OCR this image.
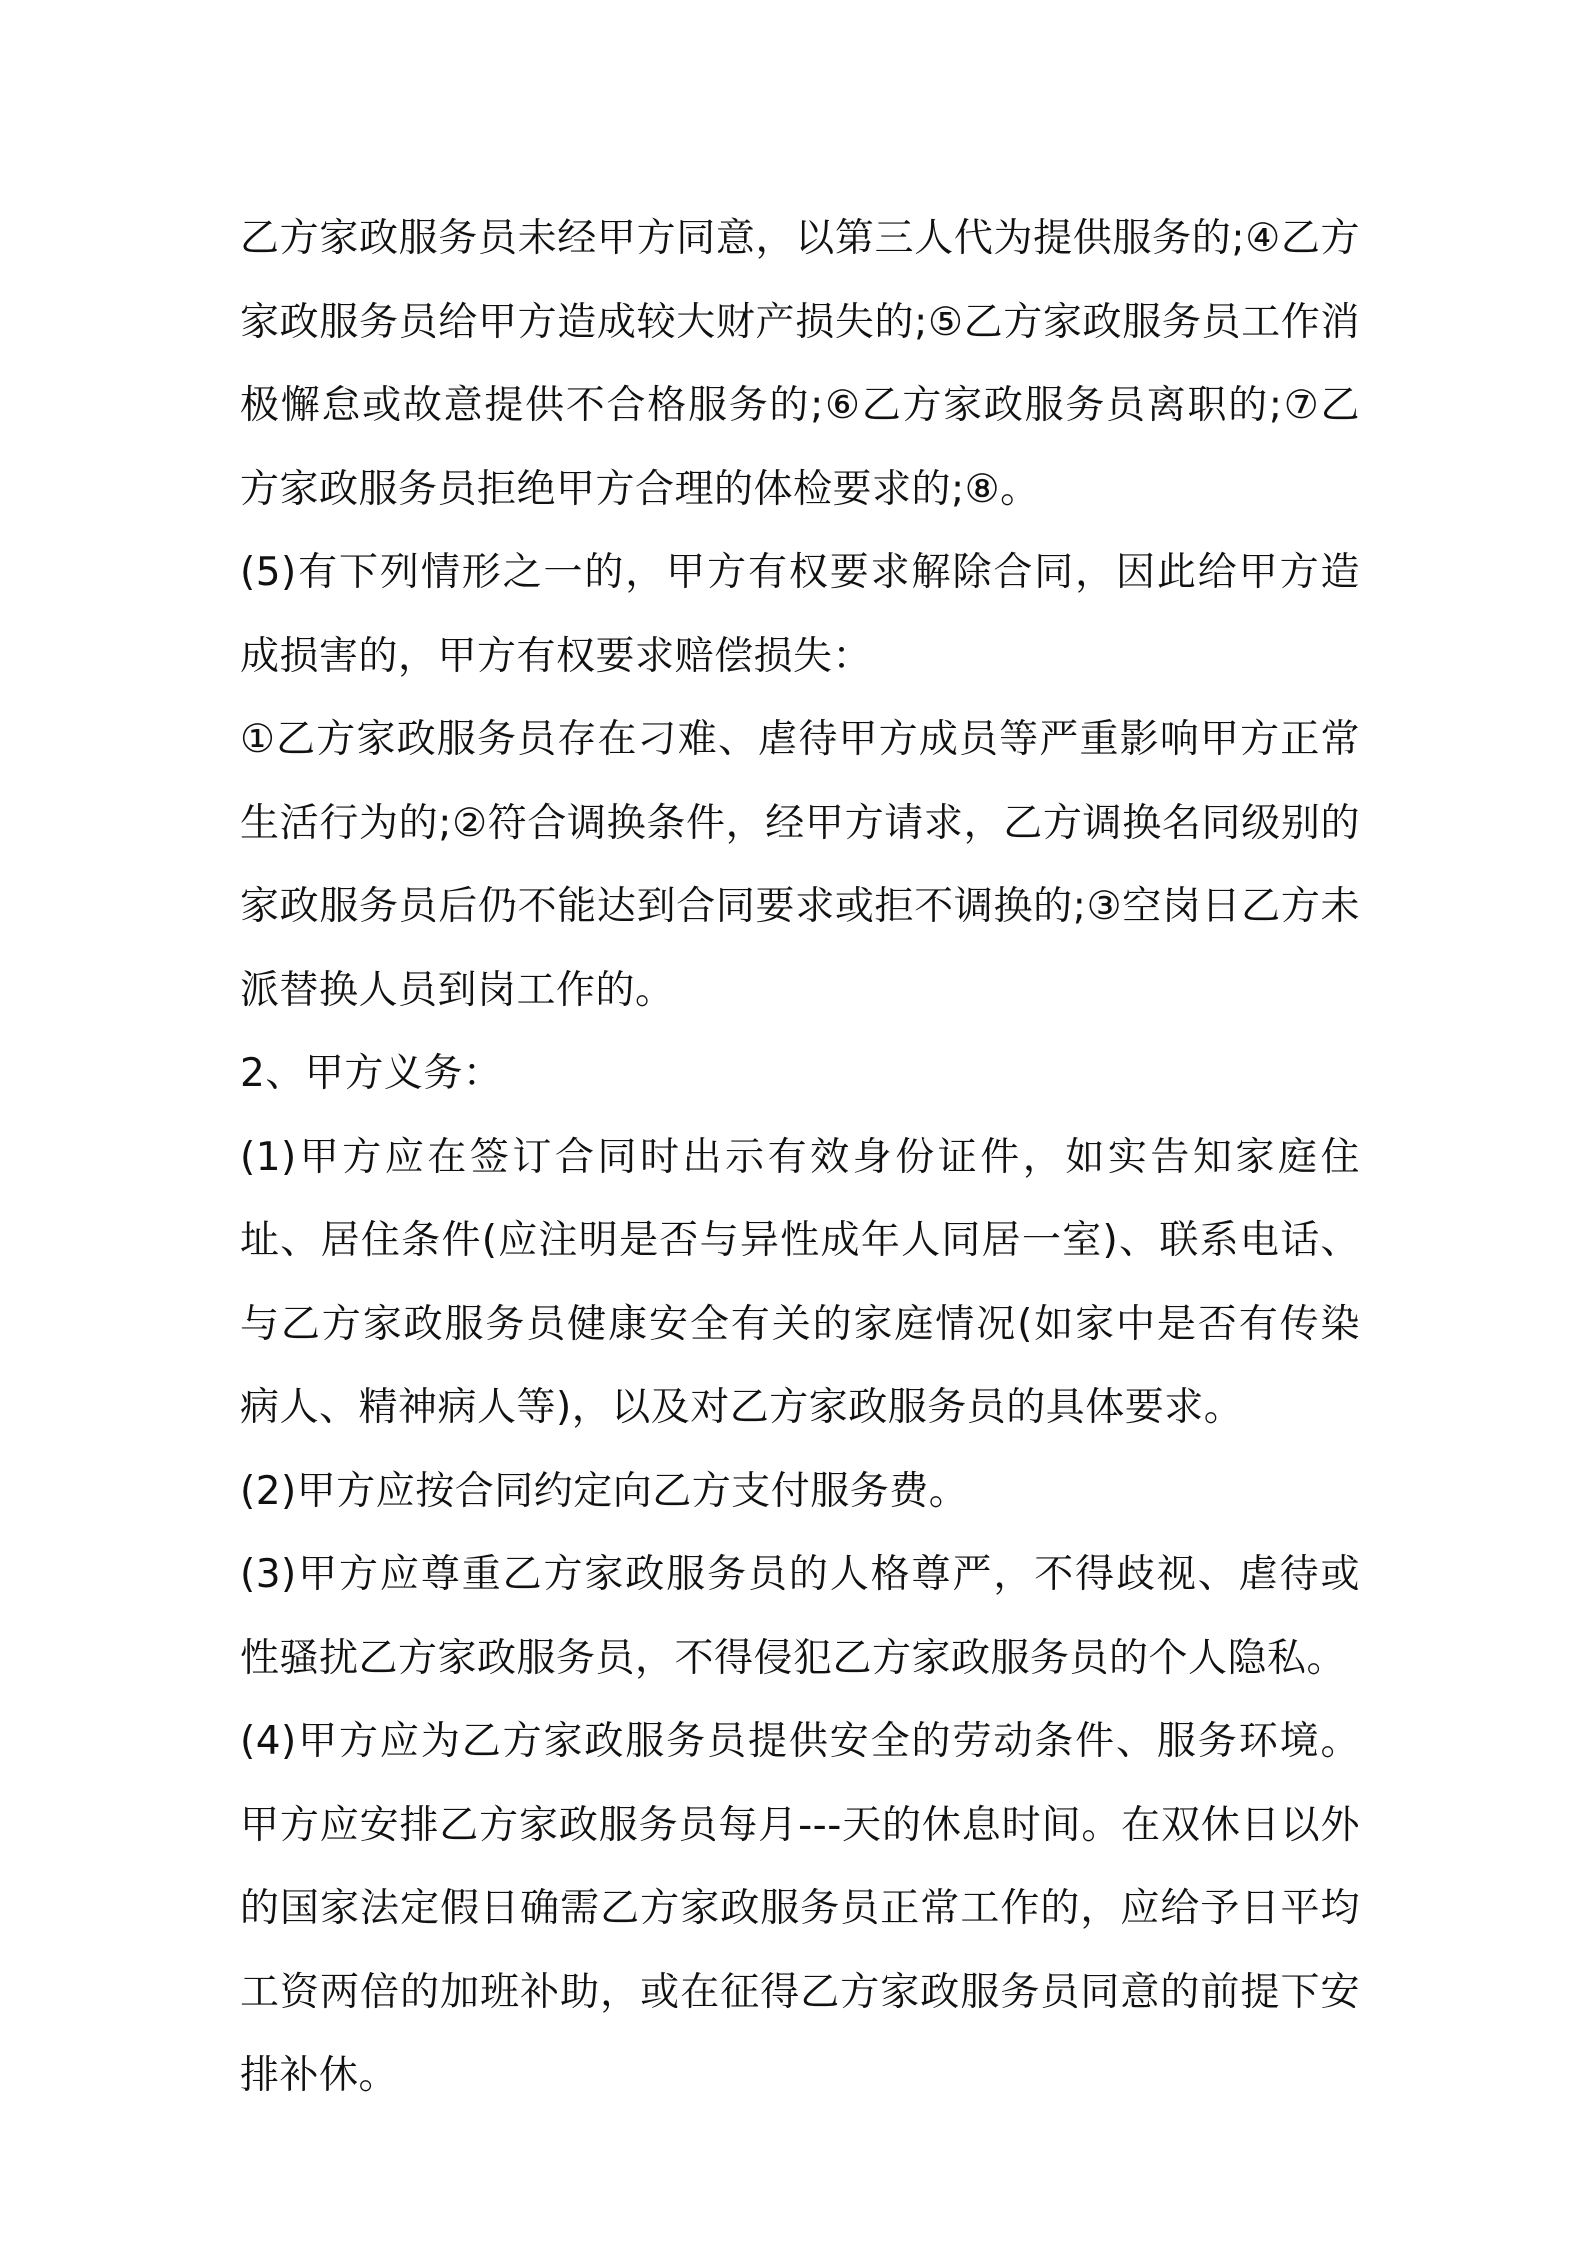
乙方家政服务员未经甲方同意，以第三人代为提供服务的;④乙方家政服务员给甲方造成较大财产损失的;⑤乙方家政服务员工作消极懈怠或故意提供不合格服务的;⑥乙方家政服务员离职的;⑦乙方家政服务员拒绝甲方合理的体检要求的;⑧。

(5)有下列情形之一的，甲方有权要求解除合同，因此给甲方造成损害的，甲方有权要求赔偿损失：

①乙方家政服务员存在刁难、虐待甲方成员等严重影响甲方正常生活行为的;②符合调换条件，经甲方请求，乙方调换名同级别的家政服务员后仍不能达到合同要求或拒不调换的;③空岗日乙方未派替换人员到岗工作的。

2、甲方义务：

(1)甲方应在签订合同时出示有效身份证件，如实告知家庭住址、居住条件(应注明是否与异性成年人同居一室)、联系电话、与乙方家政服务员健康安全有关的家庭情况(如家中是否有传染病人、精神病人等)，以及对乙方家政服务员的具体要求。

(2)甲方应按合同约定向乙方支付服务费。

(3)甲方应尊重乙方家政服务员的人格尊严，不得歧视、虐待或性骚扰乙方家政服务员，不得侵犯乙方家政服务员的个人隐私。

(4)甲方应为乙方家政服务员提供安全的劳动条件、服务环境。甲方应安排乙方家政服务员每月---天的休息时间。在双休日以外的国家法定假日确需乙方家政服务员正常工作的，应给予日平均工资两倍的加班补助，或在征得乙方家政服务员同意的前提下安排补休。
